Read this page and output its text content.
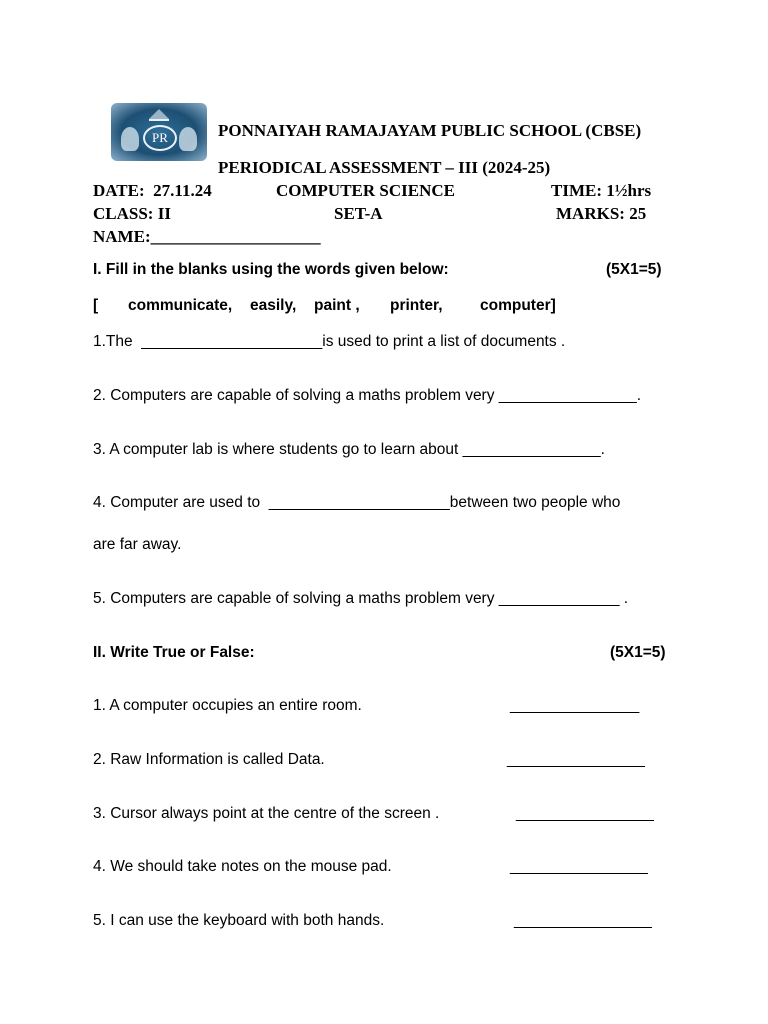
PR	PONNAIYAH RAMAJAYAM PUBLIC SCHOOL (CBSE)
PERIODICAL ASSESSMENT – III (2024-25)
DATE:  27.11.24	COMPUTER SCIENCE	TIME: 1½hrs
CLASS: II	SET-A	MARKS: 25
NAME:____________________
I. Fill in the blanks using the words given below:	(5X1=5)
[ communicate, easily, paint , printer, computer]
1.The  _____________________is used to print a list of documents .
2. Computers are capable of solving a maths problem very ________________.
3. A computer lab is where students go to learn about ________________.
4. Computer are used to  _____________________between two people who
are far away.
5. Computers are capable of solving a maths problem very ______________ .
II. Write True or False:	(5X1=5)
1. A computer occupies an entire room.	_______________
2. Raw Information is called Data.	________________
3. Cursor always point at the centre of the screen .	________________
4. We should take notes on the mouse pad.	________________
5. I can use the keyboard with both hands.	________________
